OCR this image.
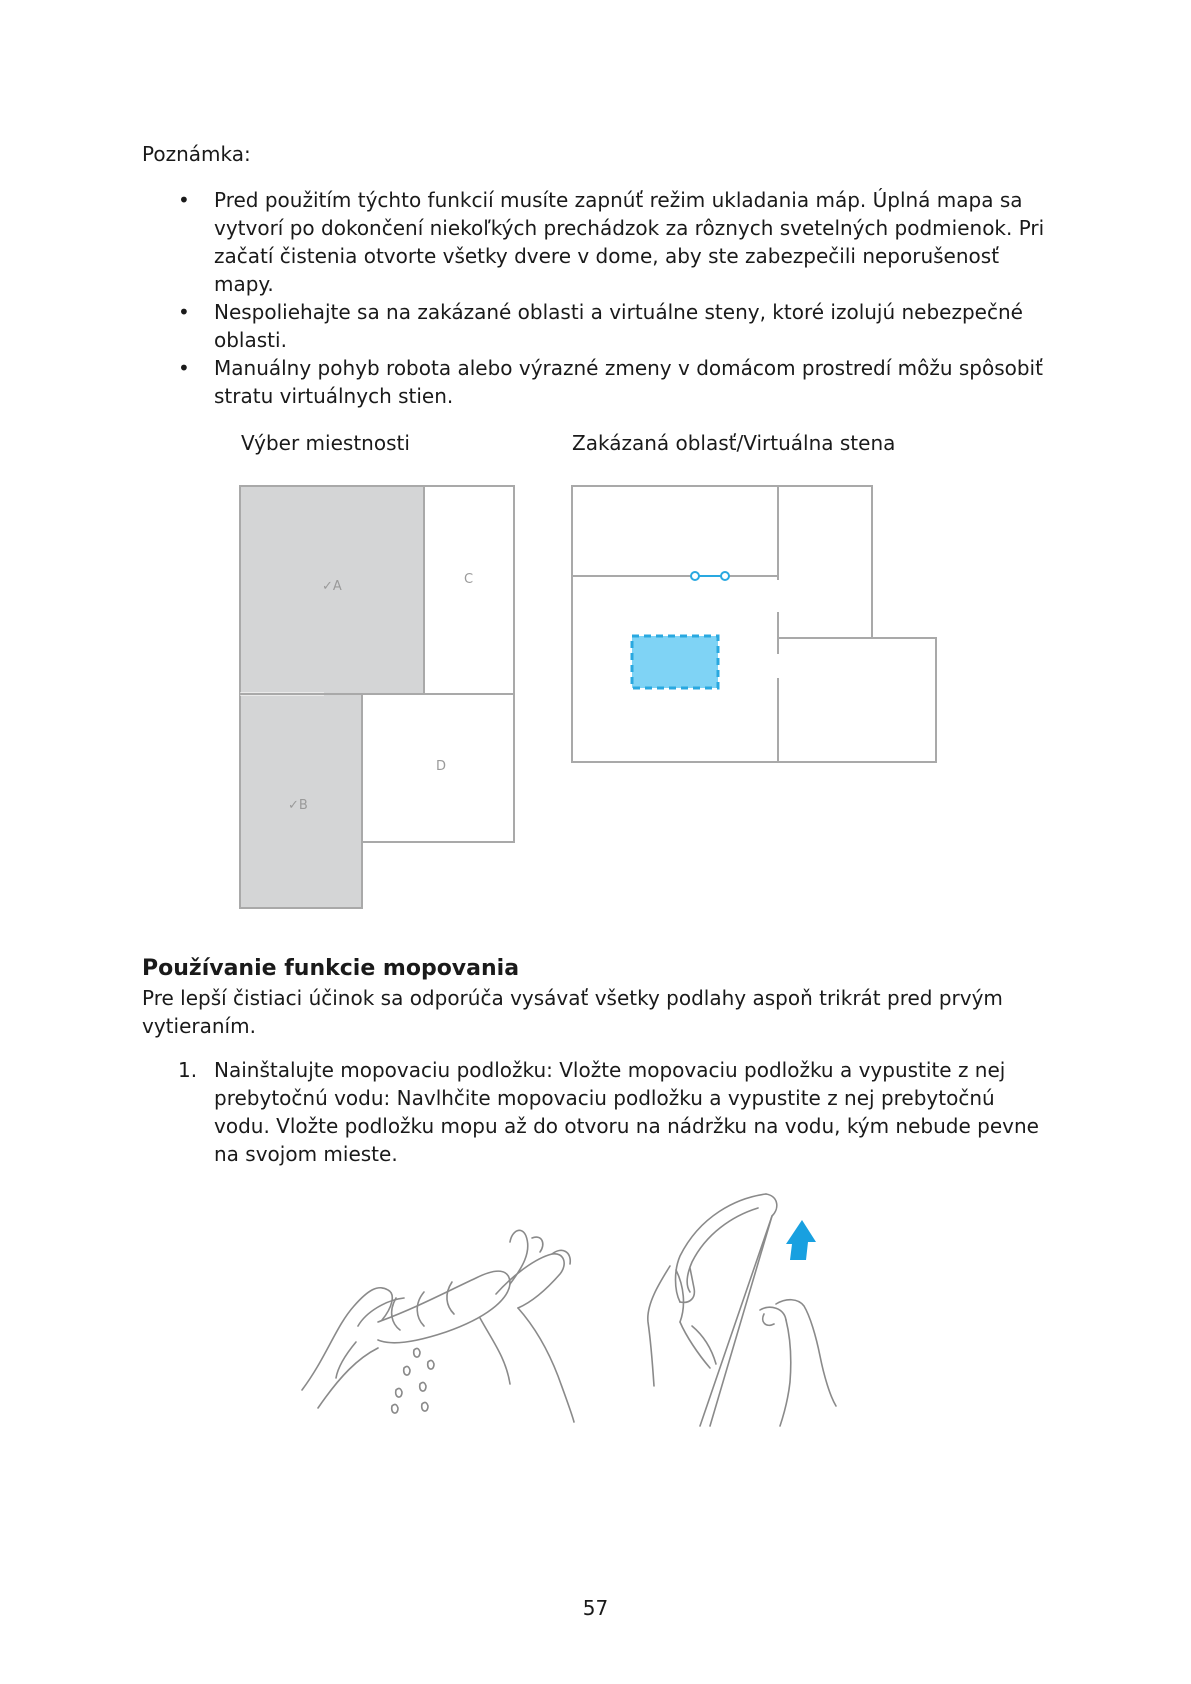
Poznámka:

• Pred použitím týchto funkcií musíte zapnúť režim ukladania máp. Úplná mapa sa vytvorí po dokončení niekoľkých prechádzok za rôznych svetelných podmienok. Pri začatí čistenia otvorte všetky dvere v dome, aby ste zabezpečili neporušenosť mapy.
• Nespoliehajte sa na zakázané oblasti a virtuálne steny, ktoré izolujú nebezpečné oblasti.
• Manuálny pohyb robota alebo výrazné zmeny v domácom prostredí môžu spôsobiť stratu virtuálnych stien.
Výber miestnosti	Zakázaná oblasť/Virtuálna stena
✓A	C
✓B
D
Používanie funkcie mopovania

Pre lepší čistiaci účinok sa odporúča vysávať všetky podlahy aspoň trikrát pred prvým vytieraním.

1. Nainštalujte mopovaciu podložku: Vložte mopovaciu podložku a vypustite z nej prebytočnú vodu: Navlhčite mopovaciu podložku a vypustite z nej prebytočnú vodu. Vložte podložku mopu až do otvoru na nádržku na vodu, kým nebude pevne na svojom mieste.
57
